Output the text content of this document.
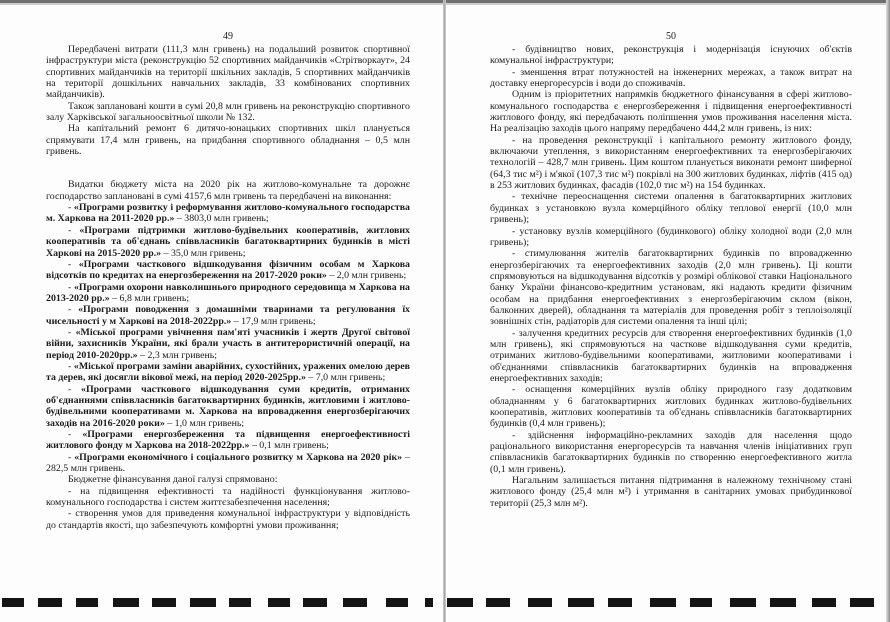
49	50

Передбачені витрати (111,3 млн гривень) на подальший розвиток спортивної інфраструктури міста (реконструкцію 52 спортивних майданчиків «Стрітворкаут», 24 спортивних майданчиків на території шкільних закладів, 5 спортивних майданчиків на території дошкільних навчальних закладів, 33 комбінованих спортивних майданчиків).

Також заплановані кошти в сумі 20,8 млн гривень на реконструкцію спортивного залу Харківської загальноосвітньої школи № 132.

На капітальний ремонт 6 дитячо-юнацьких спортивних шкіл планується спрямувати 17,4 млн гривень, на придбання спортивного обладнання – 0,5 млн гривень.

Видатки бюджету міста на 2020 рік на житлово-комунальне та дорожнє господарство заплановані в сумі 4157,6 млн гривень та передбачені на виконання:

- «Програми розвитку і реформування житлово-комунального господарства м. Харкова на 2011-2020 рр.» – 3803,0 млн гривень;

- «Програми підтримки житлово-будівельних кооперативів, житлових кооперативів та об'єднань співвласників багатоквартирних будинків в місті Харкові на 2015-2020 рр.» – 35,0 млн гривень;

- «Програми часткового відшкодування фізичним особам м Харкова відсотків по кредитах на енергозбереження на 2017-2020 роки» – 2,0 млн гривень;

- «Програми охорони навколишнього природного середовища м Харкова на 2013-2020 рр.» – 6,8 млн гривень;

- «Програми поводження з домашніми тваринами та регулювання їх чисельності у м Харкові на 2018-2022рр.» – 17,9 млн гривень;

- «Міської програми увічнення пам'яті учасників і жертв Другої світової війни, захисників України, які брали участь в антитерористичній операції, на період 2010-2020рр.» – 2,3 млн гривень;

- «Міської програми заміни аварійних, сухостійних, уражених омелою дерев та дерев, які досягли вікової межі, на період 2020-2025рр.» – 7,0 млн гривень;

- «Програми часткового відшкодування суми кредитів, отриманих об'єднаннями співвласників багатоквартирних будинків, житловими і житлово-будівельними кооперативами м. Харкова на впровадження енергозберігаючих заходів на 2016-2020 роки» – 1,0 млн гривень;

- «Програми енергозбереження та підвищення енергоефективності житлового фонду м Харкова на 2018-2022рр.» – 0,1 млн гривень;

- «Програми економічного і соціального розвитку м Харкова на 2020 рік» – 282,5 млн гривень.

Бюджетне фінансування даної галузі спрямовано:

- на підвищення ефективності та надійності функціонування житлово-комунального господарства і систем життєзабезпечення населення;

- створення умов для приведення комунальної інфраструктури у відповідність до стандартів якості, що забезпечують комфортні умови проживання;

- будівництво нових, реконструкція і модернізація існуючих об'єктів комунальної інфраструктури;

- зменшення втрат потужностей на інженерних мережах, а також витрат на доставку енергоресурсів і води до споживачів.

Одним із пріоритетних напрямків бюджетного фінансування в сфері житлово-комунального господарства є енергозбереження і підвищення енергоефективності житлового фонду, які передбачають поліпшення умов проживання населення міста. На реалізацію заходів цього напряму передбачено 444,2 млн гривень, із них:

- на проведення реконструкції і капітального ремонту житлового фонду, включаючи утеплення, з використанням енергоефективних та енергозберігаючих технологій – 428,7 млн гривень. Цим коштом планується виконати ремонт шиферної (64,3 тис м²) і м'якої (107,3 тис м²) покрівлі на 300 житлових будинках, ліфтів (415 од) в 253 житлових будинках, фасадів (102,0 тис м²) на 154 будинках.

- технічне переоснащення системи опалення в багатоквартирних житлових будинках з установкою вузла комерційного обліку теплової енергії (10,0 млн гривень);

- установку вузлів комерційного (будинкового) обліку холодної води (2,0 млн гривень);

- стимулювання жителів багатоквартирних будинків по впровадженню енергозберігаючих та енергоефективних заходів (2,0 млн гривень). Ці кошти спрямовуються на відшкодування відсотків у розмірі облікової ставки Національного банку України фінансово-кредитним установам, які надають кредити фізичним особам на придбання енергоефективних з енергозберігаючим склом (вікон, балконних дверей), обладнання та матеріалів для проведення робіт з теплоізоляції зовнішніх стін, радіаторів для системи опалення та інші цілі;

- залучення кредитних ресурсів для створення енергоефективних будинків (1,0 млн гривень), які спрямовуються на часткове відшкодування суми кредитів, отриманих житлово-будівельними кооперативами, житловими кооперативами і об'єднаннями співвласників багатоквартирних будинків на впровадження енергоефективних заходів;

- оснащення комерційних вузлів обліку природного газу додатковим обладнанням у 6 багатоквартирних житлових будинках житлово-будівельних кооперативів, житлових кооперативів та об'єднань співвласників багатоквартирних будинків (0,4 млн гривень);

- здійснення інформаційно-рекламних заходів для населення щодо раціонального використання енергоресурсів та навчання членів ініціативних груп співвласників багатоквартирних будинків по створенню енергоефективного житла (0,1 млн гривень).

Нагальним залишається питання підтримання в належному технічному стані житлового фонду (25,4 млн м²) і утримання в санітарних умовах прибудинкової території (25,3 млн м²).
